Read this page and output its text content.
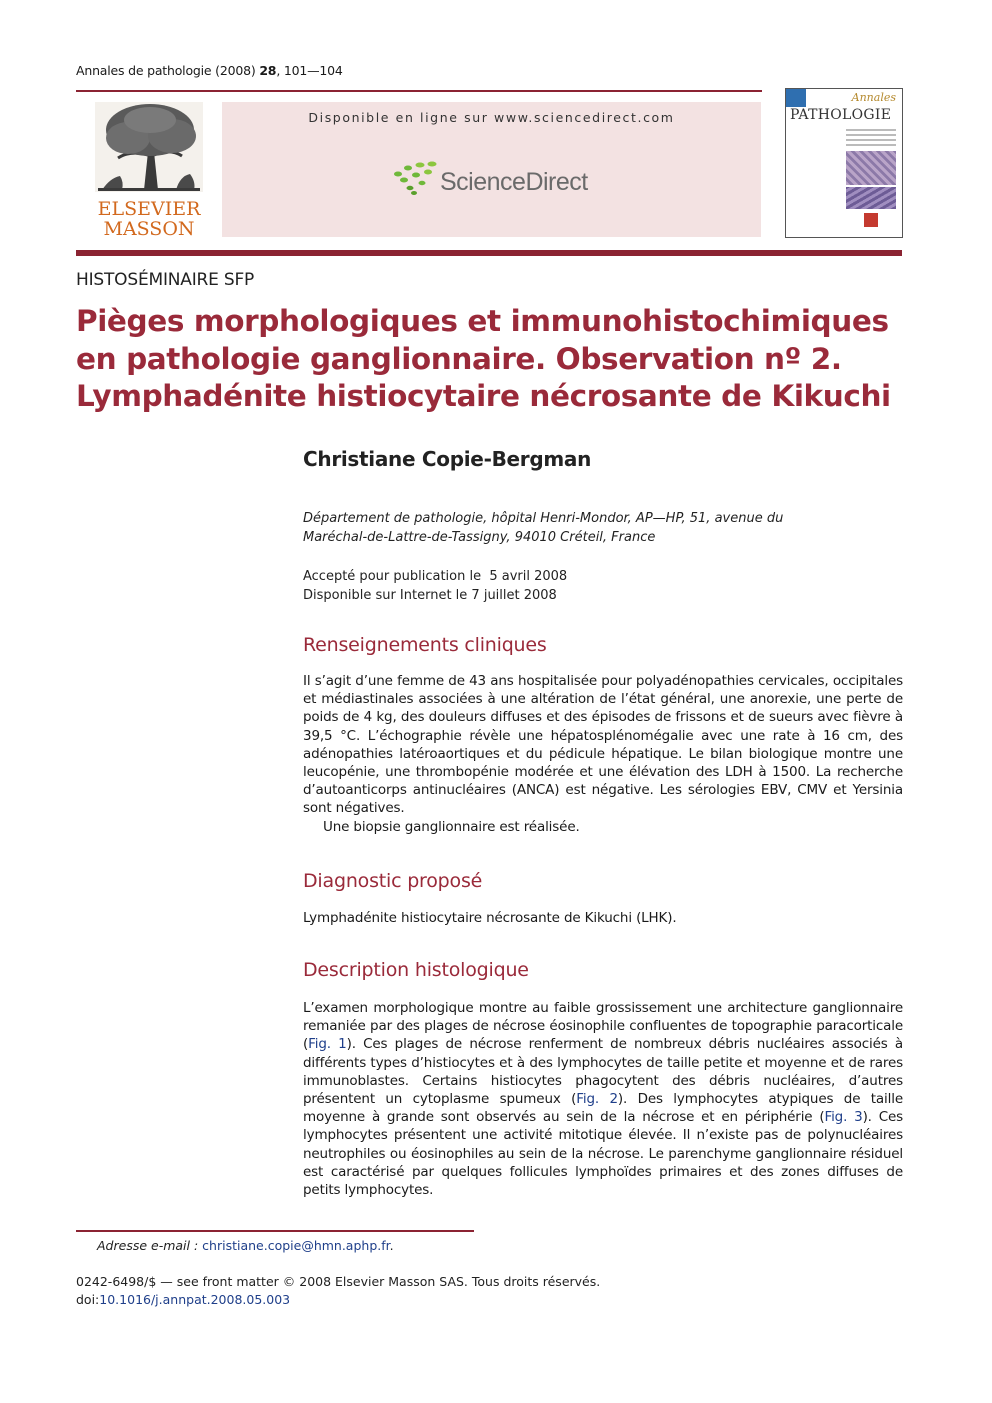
Annales de pathologie (2008) 28, 101—104
ELSEVIER
MASSON
Disponible en ligne sur www.sciencedirect.com
ScienceDirect
Annales
PATHOLOGIE
HISTOSÉMINAIRE SFP
Pièges morphologiques et immunohistochimiques en pathologie ganglionnaire. Observation nº 2. Lymphadénite histiocytaire nécrosante de Kikuchi
Christiane Copie-Bergman
Département de pathologie, hôpital Henri-Mondor, AP—HP, 51, avenue du
Maréchal-de-Lattre-de-Tassigny, 94010 Créteil, France
Accepté pour publication le  5 avril 2008
Disponible sur Internet le 7 juillet 2008
Renseignements cliniques
Il s’agit d’une femme de 43 ans hospitalisée pour polyadénopathies cervicales, occipitales et médiastinales associées à une altération de l’état général, une anorexie, une perte de poids de 4 kg, des douleurs diffuses et des épisodes de frissons et de sueurs avec fièvre à 39,5 °C. L’échographie révèle une hépatosplénomégalie avec une rate à 16 cm, des adénopathies latéroaortiques et du pédicule hépatique. Le bilan biologique montre une leucopénie, une thrombopénie modérée et une élévation des LDH à 1500. La recherche d’autoanticorps antinucléaires (ANCA) est négative. Les sérologies EBV, CMV et Yersinia sont négatives.
Une biopsie ganglionnaire est réalisée.
Diagnostic proposé
Lymphadénite histiocytaire nécrosante de Kikuchi (LHK).
Description histologique
L’examen morphologique montre au faible grossissement une architecture ganglionnaire remaniée par des plages de nécrose éosinophile confluentes de topographie paracorticale (Fig. 1). Ces plages de nécrose renferment de nombreux débris nucléaires associés à différents types d’histiocytes et à des lymphocytes de taille petite et moyenne et de rares immunoblastes. Certains histiocytes phagocytent des débris nucléaires, d’autres présentent un cytoplasme spumeux (Fig. 2). Des lymphocytes atypiques de taille moyenne à grande sont observés au sein de la nécrose et en périphérie (Fig. 3). Ces lymphocytes présentent une activité mitotique élevée. Il n’existe pas de polynucléaires neutrophiles ou éosinophiles au sein de la nécrose. Le parenchyme ganglionnaire résiduel est caractérisé par quelques follicules lymphoïdes primaires et des zones diffuses de petits lymphocytes.
Adresse e-mail : christiane.copie@hmn.aphp.fr.
0242-6498/$ — see front matter © 2008 Elsevier Masson SAS. Tous droits réservés.
doi:10.1016/j.annpat.2008.05.003
